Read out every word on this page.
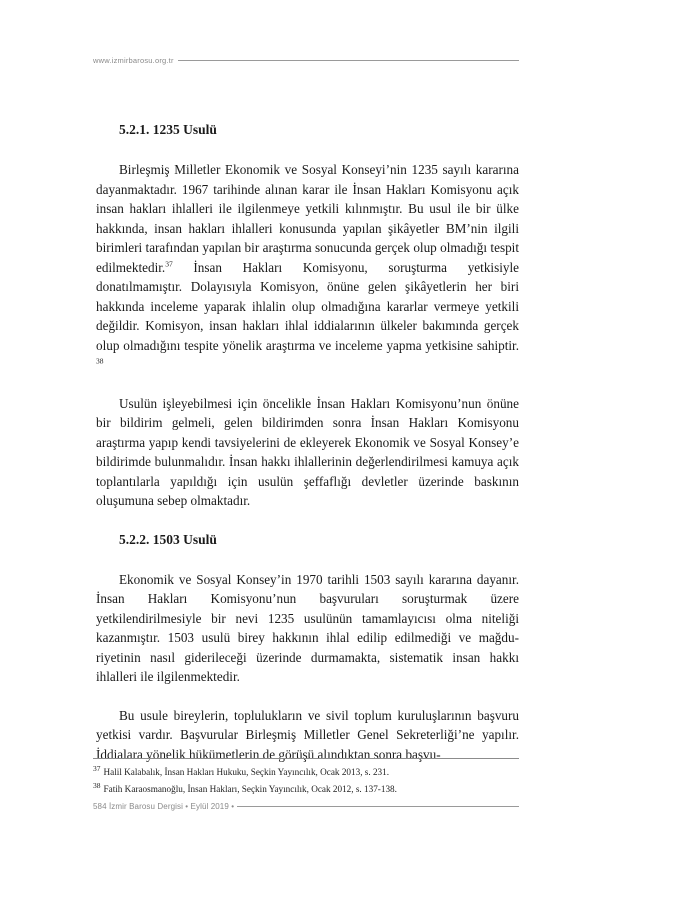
www.izmirbarosu.org.tr
5.2.1. 1235 Usulü

Birleşmiş Milletler Ekonomik ve Sosyal Konseyi’nin 1235 sayılı kararına dayanmaktadır. 1967 tarihinde alınan karar ile İnsan Hakları Komisyonu açık insan hakları ihlalleri ile ilgilenmeye yetkili kılınmıştır. Bu usul ile bir ülke hakkında, insan hakları ihlalleri konusunda yapılan şikâyetler BM’nin ilgili birimleri tarafından yapılan bir araştırma sonucunda gerçek olup olmadığı tespit edilmektedir.$^{37}$ İnsan Hakları Komisyonu, soruşturma yetkisiyle donatılmamıştır. Dolayısıyla Komisyon, önüne gelen şikâyetlerin her biri hakkında inceleme yaparak ihlalin olup olmadığına kararlar vermeye yetkili değildir. Komisyon, insan hakları ihlal iddialarının ülkeler bakımında gerçek olup olmadığını tespite yönelik araştırma ve inceleme yapma yetkisine sahiptir. $^{38}$

Usulün işleyebilmesi için öncelikle İnsan Hakları Komisyonu’nun önüne bir bildirim gelmeli, gelen bildirimden sonra İnsan Hakları Komisyonu araştırma yapıp kendi tavsiyelerini de ekleyerek Ekonomik ve Sosyal Konsey’e bildirimde bulunmalıdır. İnsan hakkı ihlallerinin değerlendirilmesi kamuya açık toplantılarla yapıldığı için usulün şeffaflığı devletler üzerinde baskının oluşumuna sebep olmaktadır.

5.2.2. 1503 Usulü

Ekonomik ve Sosyal Konsey’in 1970 tarihli 1503 sayılı kararına dayanır. İnsan Hakları Komisyonu’nun başvuruları soruşturmak üzere yetkilendirilmesiyle bir nevi 1235 usulünün tamamlayıcısı olma niteliği kazanmıştır. 1503 usulü birey hakkının ihlal edilip edilmediği ve mağduriyetinin nasıl giderileceği üzerinde durmamakta, sistematik insan hakkı ihlalleri ile ilgilenmektedir.

Bu usule bireylerin, toplulukların ve sivil toplum kuruluşlarının başvuru yetkisi vardır. Başvurular Birleşmiş Milletler Genel Sekreterliği’ne yapılır. İddialara yönelik hükümetlerin de görüşü alındıktan sonra başvu-

$^{37}$ Halil Kalabalık, İnsan Hakları Hukuku, Seçkin Yayıncılık, Ocak 2013, s. 231.
$^{38}$ Fatih Karaosmanoğlu, İnsan Hakları, Seçkin Yayıncılık, Ocak 2012, s. 137-138.
584 İzmir Barosu Dergisi • Eylül 2019 •
